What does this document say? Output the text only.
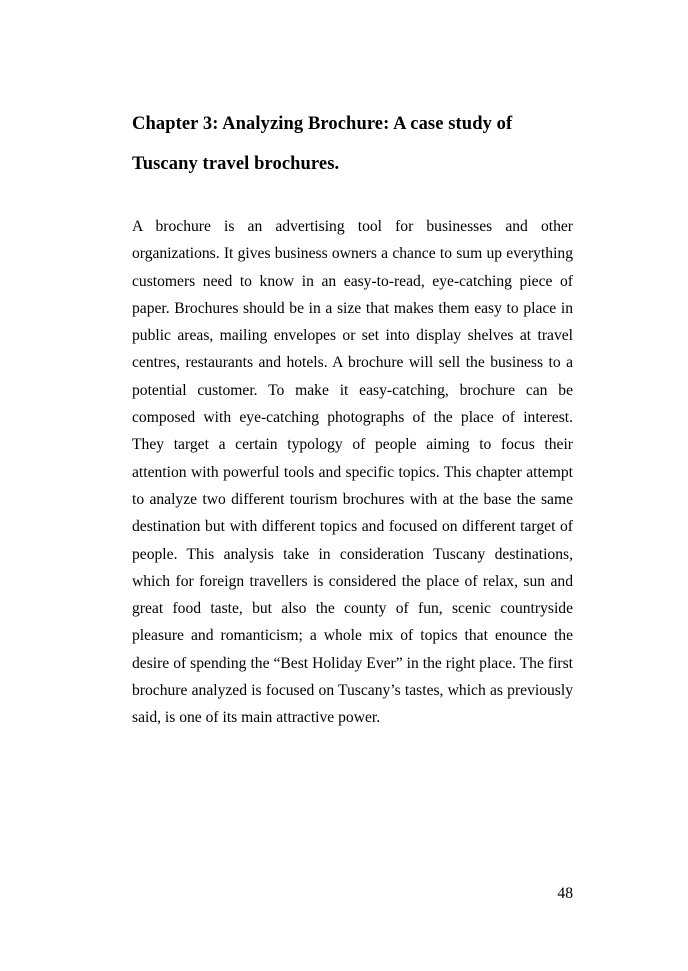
Chapter 3: Analyzing Brochure: A case study of Tuscany travel brochures.

A brochure is an advertising tool for businesses and other organizations. It gives business owners a chance to sum up everything customers need to know in an easy-to-read, eye-catching piece of paper. Brochures should be in a size that makes them easy to place in public areas, mailing envelopes or set into display shelves at travel centres, restaurants and hotels. A brochure will sell the business to a potential customer. To make it easy-catching, brochure can be composed with eye-catching photographs of the place of interest. They target a certain typology of people aiming to focus their attention with powerful tools and specific topics. This chapter attempt to analyze two different tourism brochures with at the base the same destination but with different topics and focused on different target of people. This analysis take in consideration Tuscany destinations, which for foreign travellers is considered the place of relax, sun and great food taste, but also the county of fun, scenic countryside pleasure and romanticism; a whole mix of topics that enounce the desire of spending the “Best Holiday Ever” in the right place. The first brochure analyzed is focused on Tuscany’s tastes, which as previously said, is one of its main attractive power.

48
